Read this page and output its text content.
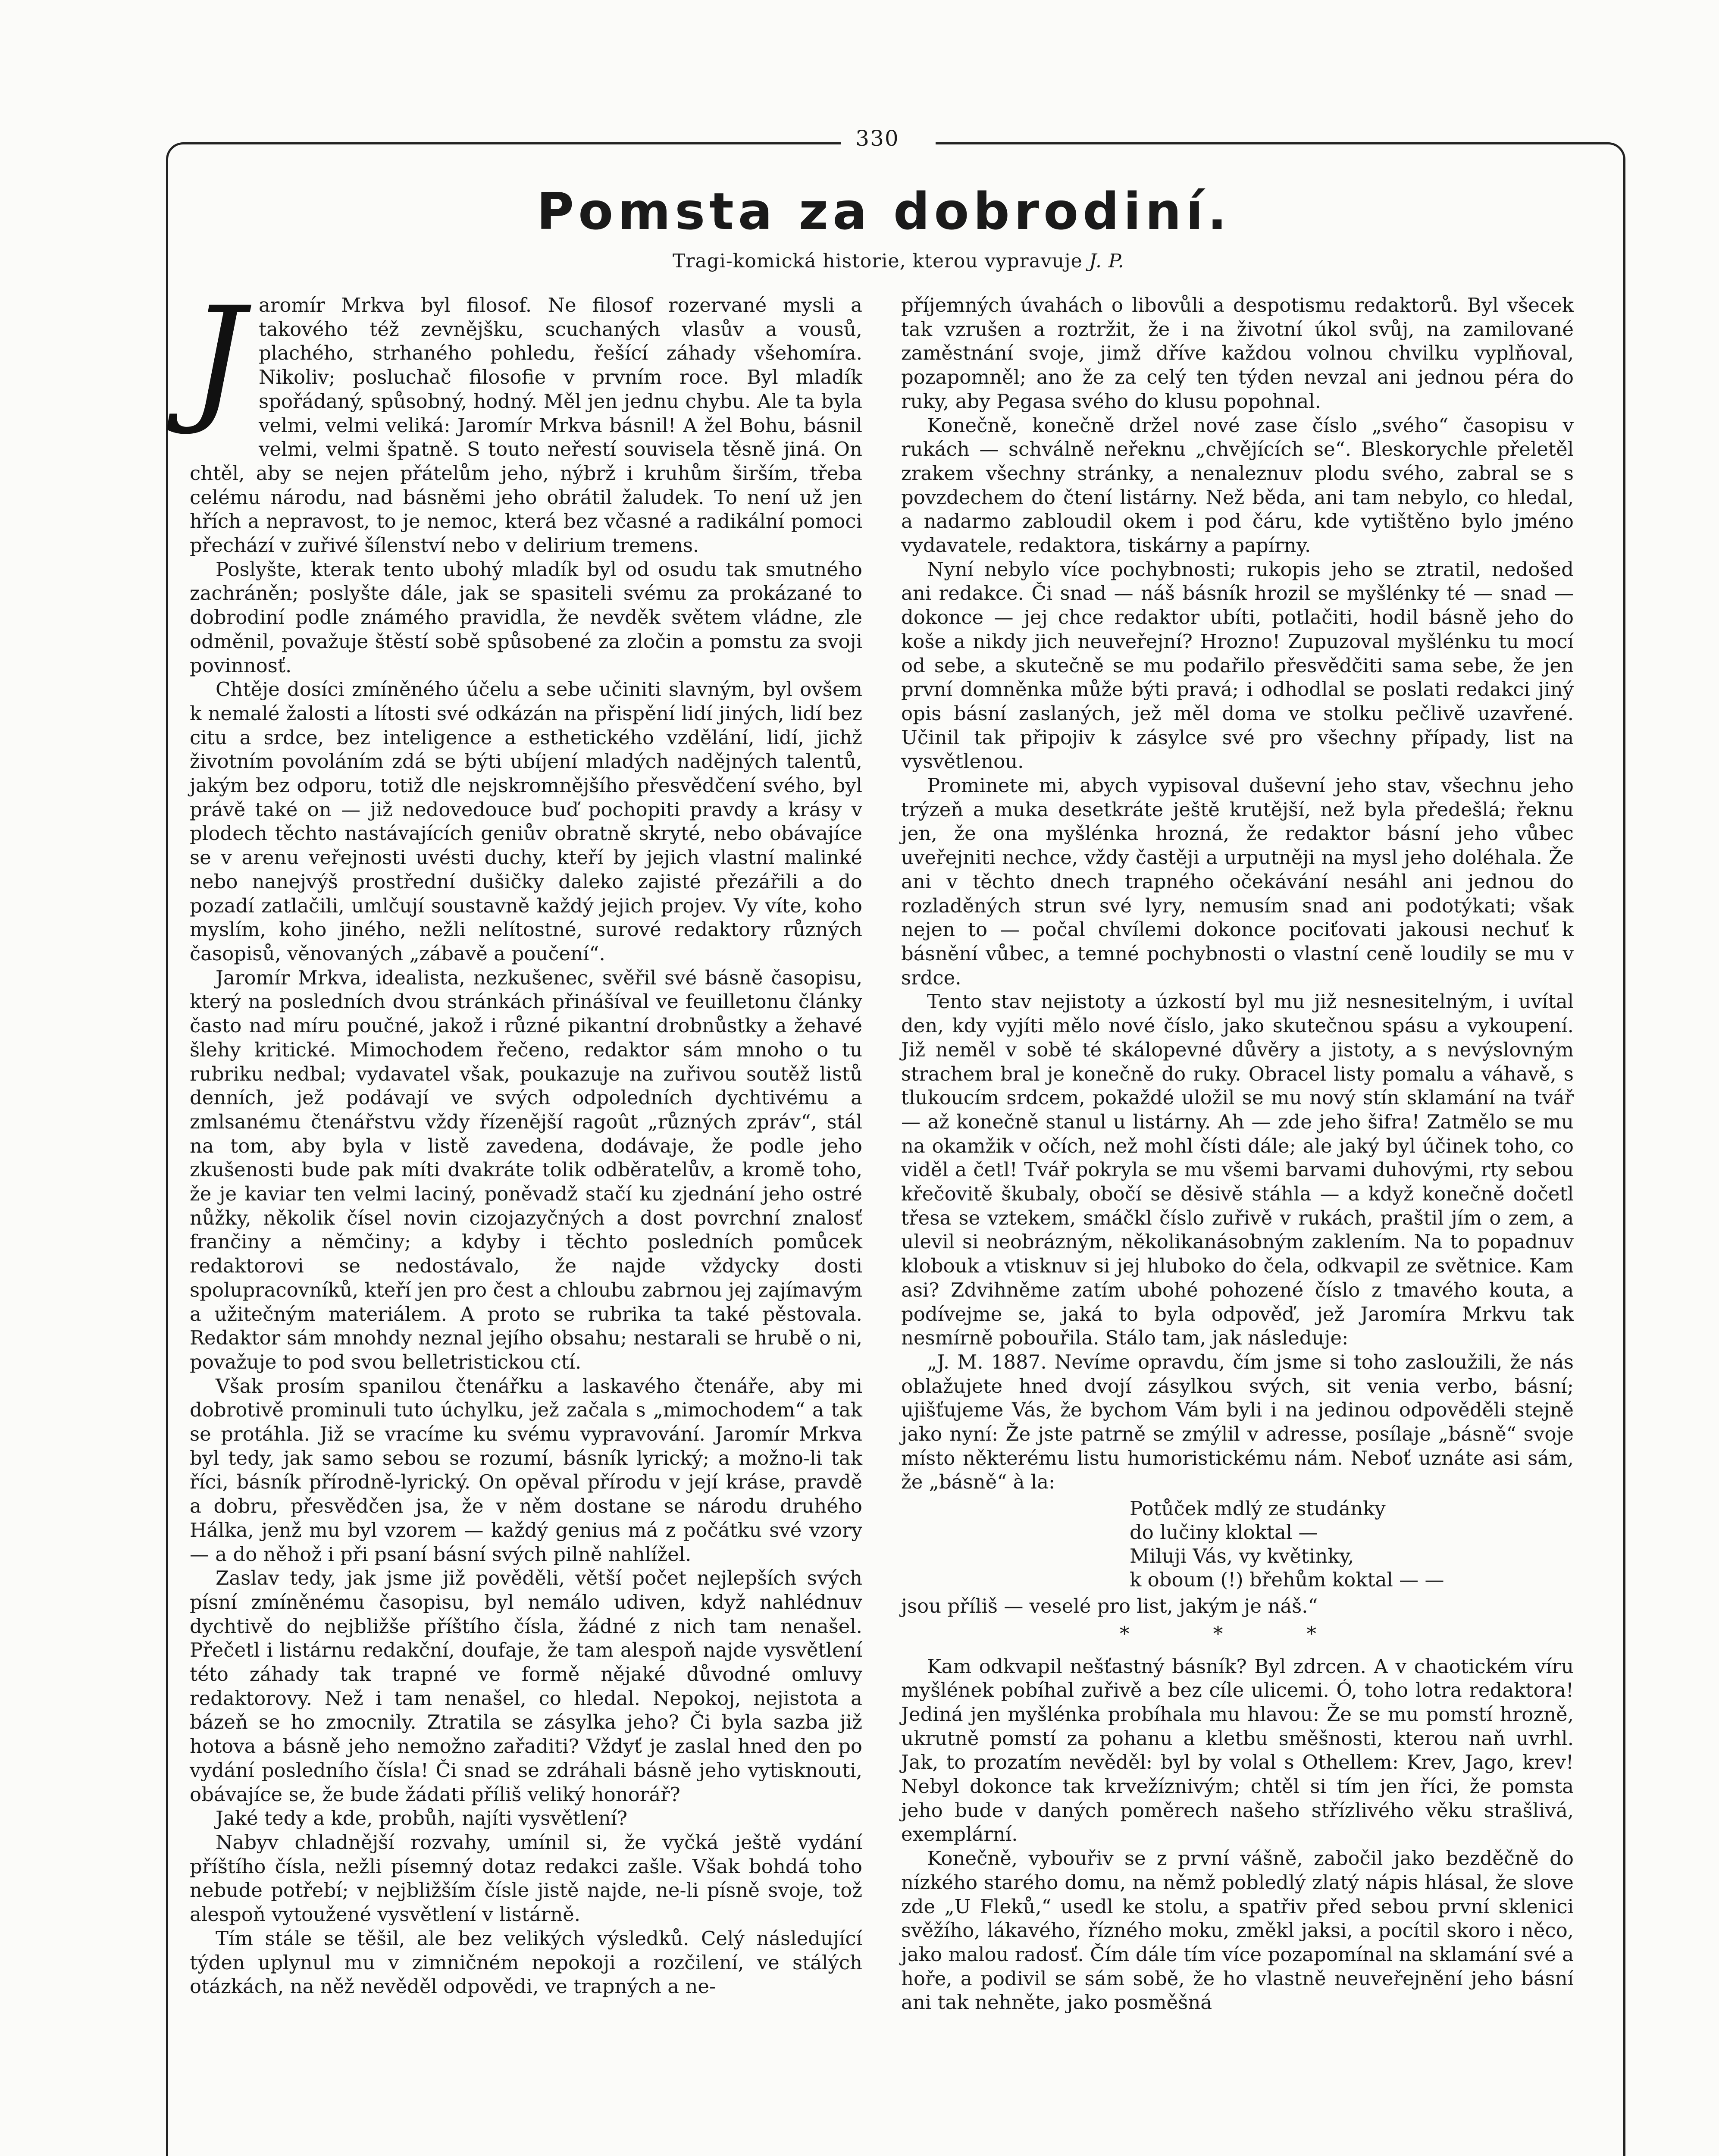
330
Pomsta za dobrodiní.
Tragi-komická historie, kterou vypravuje J. P.

Jaromír Mrkva byl filosof. Ne filosof rozervané mysli a takového též zevnějšku, scuchaných vlasův a vousů, plachého, strhaného pohledu, řešící záhady všehomíra. Nikoliv; posluchač filosofie v prvním roce. Byl mladík spořádaný, spůsobný, hodný. Měl jen jednu chybu. Ale ta byla velmi, velmi veliká: Jaromír Mrkva básnil! A žel Bohu, básnil velmi, velmi špatně. S touto neřestí souvisela těsně jiná. On chtěl, aby se nejen přátelům jeho, nýbrž i kruhům širším, třeba celému národu, nad básněmi jeho obrátil žaludek. To není už jen hřích a nepravost, to je nemoc, která bez včasné a radikální pomoci přechází v zuřivé šílenství nebo v delirium tremens.

Poslyšte, kterak tento ubohý mladík byl od osudu tak smutného zachráněn; poslyšte dále, jak se spasiteli svému za prokázané to dobrodiní podle známého pravidla, že nevděk světem vládne, zle odměnil, považuje štěstí sobě spůsobené za zločin a pomstu za svoji povinnosť.

Chtěje dosíci zmíněného účelu a sebe učiniti slavným, byl ovšem k nemalé žalosti a lítosti své odkázán na přispění lidí jiných, lidí bez citu a srdce, bez inteligence a esthetického vzdělání, lidí, jichž životním povoláním zdá se býti ubíjení mladých nadějných talentů, jakým bez odporu, totiž dle nejskromnějšího přesvědčení svého, byl právě také on — již nedovedouce buď pochopiti pravdy a krásy v plodech těchto nastávajících geniův obratně skryté, nebo obávajíce se v arenu veřejnosti uvésti duchy, kteří by jejich vlastní malinké nebo nanejvýš prostřední dušičky daleko zajisté přezářili a do pozadí zatlačili, umlčují soustavně každý jejich projev. Vy víte, koho myslím, koho jiného, nežli nelítostné, surové redaktory různých časopisů, věnovaných „zábavě a poučení“.

Jaromír Mrkva, idealista, nezkušenec, svěřil své básně časopisu, který na posledních dvou stránkách přinášíval ve feuilletonu články často nad míru poučné, jakož i různé pikantní drobnůstky a žehavé šlehy kritické. Mimochodem řečeno, redaktor sám mnoho o tu rubriku nedbal; vydavatel však, poukazuje na zuřivou soutěž listů denních, jež podávají ve svých odpoledních dychtivému a zmlsanému čtenářstvu vždy řízenější ragoût „různých zpráv“, stál na tom, aby byla v listě zavedena, dodávaje, že podle jeho zkušenosti bude pak míti dvakráte tolik odběratelův, a kromě toho, že je kaviar ten velmi laciný, poněvadž stačí ku zjednání jeho ostré nůžky, několik čísel novin cizojazyčných a dost povrchní znalosť frančiny a němčiny; a kdyby i těchto posledních pomůcek redaktorovi se nedostávalo, že najde vždycky dosti spolupracovníků, kteří jen pro čest a chloubu zabrnou jej zajímavým a užitečným materiálem. A proto se rubrika ta také pěstovala. Redaktor sám mnohdy neznal jejího obsahu; nestarali se hrubě o ni, považuje to pod svou belletristickou ctí.

Však prosím spanilou čtenářku a laskavého čtenáře, aby mi dobrotivě prominuli tuto úchylku, jež začala s „mimochodem“ a tak se protáhla. Již se vracíme ku svému vypravování. Jaromír Mrkva byl tedy, jak samo sebou se rozumí, básník lyrický; a možno-li tak říci, básník přírodně-lyrický. On opěval přírodu v její kráse, pravdě a dobru, přesvědčen jsa, že v něm dostane se národu druhého Hálka, jenž mu byl vzorem — každý genius má z počátku své vzory — a do něhož i při psaní básní svých pilně nahlížel.

Zaslav tedy, jak jsme již pověděli, větší počet nejlepších svých písní zmíněnému časopisu, byl nemálo udiven, když nahlédnuv dychtivě do nejbližše příštího čísla, žádné z nich tam nenašel. Přečetl i listárnu redakční, doufaje, že tam alespoň najde vysvětlení této záhady tak trapné ve formě nějaké důvodné omluvy redaktorovy. Než i tam nenašel, co hledal. Nepokoj, nejistota a bázeň se ho zmocnily. Ztratila se zásylka jeho? Či byla sazba již hotova a básně jeho nemožno zařaditi? Vždyť je zaslal hned den po vydání posledního čísla! Či snad se zdráhali básně jeho vytisknouti, obávajíce se, že bude žádati příliš veliký honorář?

Jaké tedy a kde, probůh, najíti vysvětlení?

Nabyv chladnější rozvahy, umínil si, že vyčká ještě vydání příštího čísla, nežli písemný dotaz redakci zašle. Však bohdá toho nebude potřebí; v nejbližším čísle jistě najde, ne-li písně svoje, tož alespoň vytoužené vysvětlení v listárně.

Tím stále se těšil, ale bez velikých výsledků. Celý následující týden uplynul mu v zimničném nepokoji a rozčilení, ve stálých otázkách, na něž nevěděl odpovědi, ve trapných a ne-

příjemných úvahách o libovůli a despotismu redaktorů. Byl všecek tak vzrušen a roztržit, že i na životní úkol svůj, na zamilované zaměstnání svoje, jimž dříve každou volnou chvilku vyplňoval, pozapomněl; ano že za celý ten týden nevzal ani jednou péra do ruky, aby Pegasa svého do klusu popohnal.

Konečně, konečně držel nové zase číslo „svého“ časopisu v rukách — schválně neřeknu „chvějících se“. Bleskorychle přeletěl zrakem všechny stránky, a nenaleznuv plodu svého, zabral se s povzdechem do čtení listárny. Než běda, ani tam nebylo, co hledal, a nadarmo zabloudil okem i pod čáru, kde vytištěno bylo jméno vydavatele, redaktora, tiskárny a papírny.

Nyní nebylo více pochybnosti; rukopis jeho se ztratil, nedošed ani redakce. Či snad — náš básník hrozil se myšlénky té — snad — dokonce — jej chce redaktor ubíti, potlačiti, hodil básně jeho do koše a nikdy jich neuveřejní? Hrozno! Zupuzoval myšlénku tu mocí od sebe, a skutečně se mu podařilo přesvědčiti sama sebe, že jen první domněnka může býti pravá; i odhodlal se poslati redakci jiný opis básní zaslaných, jež měl doma ve stolku pečlivě uzavřené. Učinil tak připojiv k zásylce své pro všechny případy, list na vysvětlenou.

Prominete mi, abych vypisoval duševní jeho stav, všechnu jeho trýzeň a muka desetkráte ještě krutější, než byla předešlá; řeknu jen, že ona myšlénka hrozná, že redaktor básní jeho vůbec uveřejniti nechce, vždy častěji a urputněji na mysl jeho doléhala. Že ani v těchto dnech trapného očekávání nesáhl ani jednou do rozladěných strun své lyry, nemusím snad ani podotýkati; však nejen to — počal chvílemi dokonce pociťovati jakousi nechuť k básnění vůbec, a temné pochybnosti o vlastní ceně loudily se mu v srdce.

Tento stav nejistoty a úzkostí byl mu již nesnesitelným, i uvítal den, kdy vyjíti mělo nové číslo, jako skutečnou spásu a vykoupení. Již neměl v sobě té skálopevné důvěry a jistoty, a s nevýslovným strachem bral je konečně do ruky. Obracel listy pomalu a váhavě, s tlukoucím srdcem, pokaždé uložil se mu nový stín sklamání na tvář — až konečně stanul u listárny. Ah — zde jeho šifra! Zatmělo se mu na okamžik v očích, než mohl čísti dále; ale jaký byl účinek toho, co viděl a četl! Tvář pokryla se mu všemi barvami duhovými, rty sebou křečovitě škubaly, obočí se děsivě stáhla — a když konečně dočetl třesa se vztekem, smáčkl číslo zuřivě v rukách, praštil jím o zem, a ulevil si neobrázným, několikanásobným zaklením. Na to popadnuv klobouk a vtisknuv si jej hluboko do čela, odkvapil ze světnice. Kam asi? Zdvihněme zatím ubohé pohozené číslo z tmavého kouta, a podívejme se, jaká to byla odpověď, jež Jaromíra Mrkvu tak nesmírně pobouřila. Stálo tam, jak následuje:

„J. M. 1887. Nevíme opravdu, čím jsme si toho zasloužili, že nás oblažujete hned dvojí zásylkou svých, sit venia verbo, básní; ujišťujeme Vás, že bychom Vám byli i na jedinou odpověděli stejně jako nyní: Že jste patrně se zmýlil v adresse, posílaje „básně“ svoje místo některému listu humoristickému nám. Neboť uznáte asi sám, že „básně“ à la:

Potůček mdlý ze studánky
do lučiny kloktal —
Miluji Vás, vy květinky,
k oboum (!) břehům koktal — —

jsou příliš — veselé pro list, jakým je náš.“

* * *

Kam odkvapil nešťastný básník? Byl zdrcen. A v chaotickém víru myšlének pobíhal zuřivě a bez cíle ulicemi. Ó, toho lotra redaktora! Jediná jen myšlénka probíhala mu hlavou: Že se mu pomstí hrozně, ukrutně pomstí za pohanu a kletbu směšnosti, kterou naň uvrhl. Jak, to prozatím nevěděl: byl by volal s Othellem: Krev, Jago, krev! Nebyl dokonce tak krvežíznivým; chtěl si tím jen říci, že pomsta jeho bude v daných poměrech našeho střízlivého věku strašlivá, exemplární.

Konečně, vybouřiv se z první vášně, zabočil jako bezděčně do nízkého starého domu, na němž pobledlý zlatý nápis hlásal, že slove zde „U Fleků,“ usedl ke stolu, a spatřiv před sebou první sklenici svěžího, lákavého, řízného moku, změkl jaksi, a pocítil skoro i něco, jako malou radosť. Čím dále tím více pozapomínal na sklamání své a hoře, a podivil se sám sobě, že ho vlastně neuveřejnění jeho básní ani tak nehněte, jako posměšná
